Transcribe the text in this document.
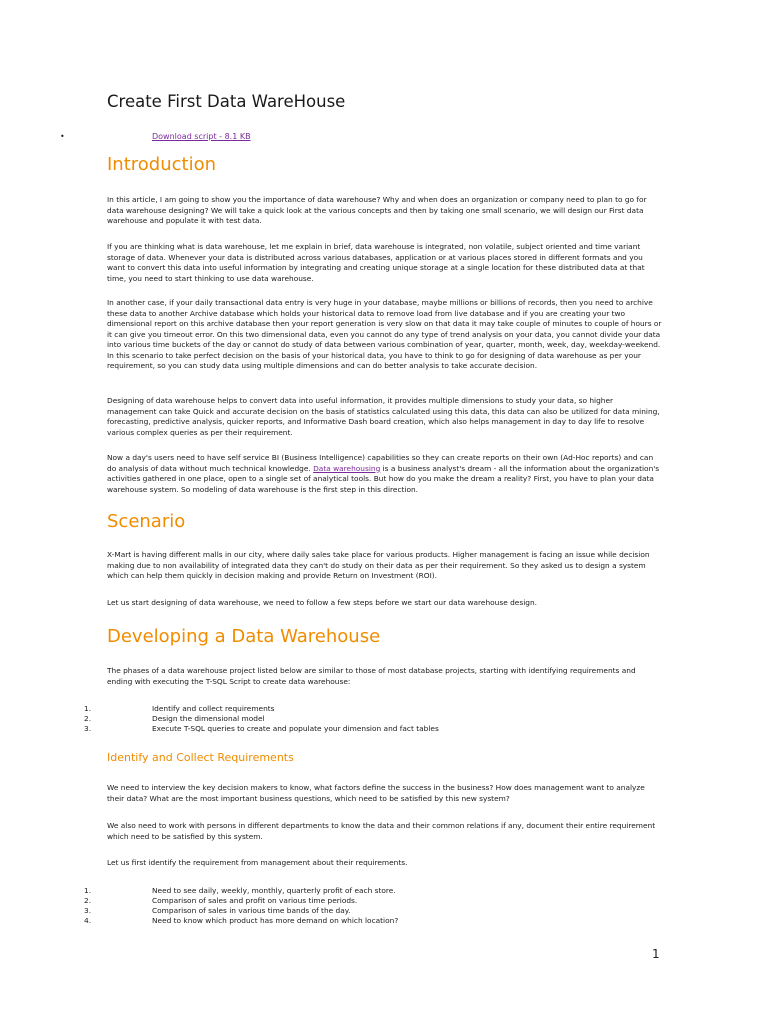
Create First Data WareHouse
•	Download script - 8.1 KB
Introduction

In this article, I am going to show you the importance of data warehouse? Why and when does an organization or company need to plan to go for data warehouse designing? We will take a quick look at the various concepts and then by taking one small scenario, we will design our First data warehouse and populate it with test data.

If you are thinking what is data warehouse, let me explain in brief, data warehouse is integrated, non volatile, subject oriented and time variant storage of data. Whenever your data is distributed across various databases, application or at various places stored in different formats and you want to convert this data into useful information by integrating and creating unique storage at a single location for these distributed data at that time, you need to start thinking to use data warehouse.

In another case, if your daily transactional data entry is very huge in your database, maybe millions or billions of records, then you need to archive these data to another Archive database which holds your historical data to remove load from live database and if you are creating your two dimensional report on this archive database then your report generation is very slow on that data it may take couple of minutes to couple of hours or it can give you timeout error. On this two dimensional data, even you cannot do any type of trend analysis on your data, you cannot divide your data into various time buckets of the day or cannot do study of data between various combination of year, quarter, month, week, day, weekday-weekend. In this scenario to take perfect decision on the basis of your historical data, you have to think to go for designing of data warehouse as per your requirement, so you can study data using multiple dimensions and can do better analysis to take accurate decision.

Designing of data warehouse helps to convert data into useful information, it provides multiple dimensions to study your data, so higher management can take Quick and accurate decision on the basis of statistics calculated using this data, this data can also be utilized for data mining, forecasting, predictive analysis, quicker reports, and Informative Dash board creation, which also helps management in day to day life to resolve various complex queries as per their requirement.

Now a day's users need to have self service BI (Business Intelligence) capabilities so they can create reports on their own (Ad-Hoc reports) and can do analysis of data without much technical knowledge. Data warehousing is a business analyst's dream - all the information about the organization's activities gathered in one place, open to a single set of analytical tools. But how do you make the dream a reality? First, you have to plan your data warehouse system. So modeling of data warehouse is the first step in this direction.

Scenario

X-Mart is having different malls in our city, where daily sales take place for various products. Higher management is facing an issue while decision making due to non availability of integrated data they can't do study on their data as per their requirement. So they asked us to design a system which can help them quickly in decision making and provide Return on Investment (ROI).

Let us start designing of data warehouse, we need to follow a few steps before we start our data warehouse design.

Developing a Data Warehouse

The phases of a data warehouse project listed below are similar to those of most database projects, starting with identifying requirements and ending with executing the T-SQL Script to create data warehouse:

1.	Identify and collect requirements
2.	Design the dimensional model
3.	Execute T-SQL queries to create and populate your dimension and fact tables
Identify and Collect Requirements

We need to interview the key decision makers to know, what factors define the success in the business? How does management want to analyze their data? What are the most important business questions, which need to be satisfied by this new system?

We also need to work with persons in different departments to know the data and their common relations if any, document their entire requirement which need to be satisfied by this system.

Let us first identify the requirement from management about their requirements.

1.	Need to see daily, weekly, monthly, quarterly profit of each store.
2.	Comparison of sales and profit on various time periods.
3.	Comparison of sales in various time bands of the day.
4.	Need to know which product has more demand on which location?
1
